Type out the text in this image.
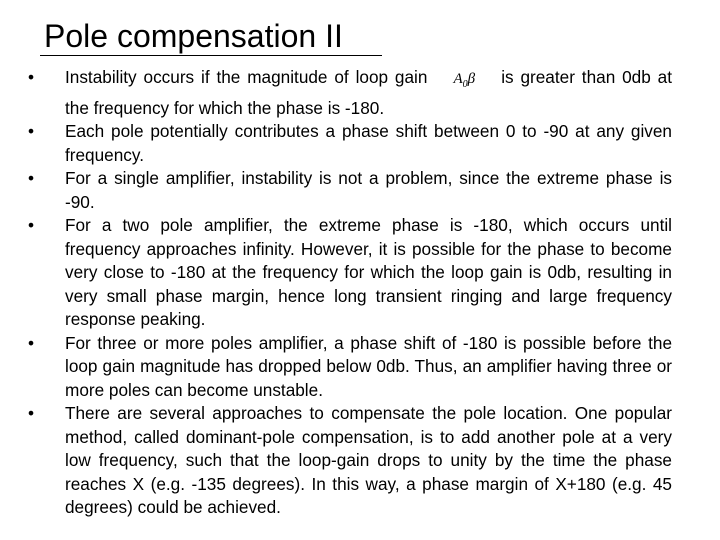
Pole compensation II
• Instability occurs if the magnitude of loop gain $A_0\beta$ is greater than 0db at the frequency for which the phase is -180.
• Each pole potentially contributes a phase shift between 0 to -90 at any given frequency.
• For a single amplifier, instability is not a problem, since the extreme phase is -90.
• For a two pole amplifier, the extreme phase is -180, which occurs until frequency approaches infinity. However, it is possible for the phase to become very close to -180 at the frequency for which the loop gain is 0db, resulting in very small phase margin, hence long transient ringing and large frequency response peaking.
• For three or more poles amplifier, a phase shift of -180 is possible before the loop gain magnitude has dropped below 0db. Thus, an amplifier having three or more poles can become unstable.
• There are several approaches to compensate the pole location. One popular method, called dominant-pole compensation, is to add another pole at a very low frequency, such that the loop-gain drops to unity by the time the phase reaches X (e.g. -135 degrees). In this way, a phase margin of X+180 (e.g. 45 degrees) could be achieved.
